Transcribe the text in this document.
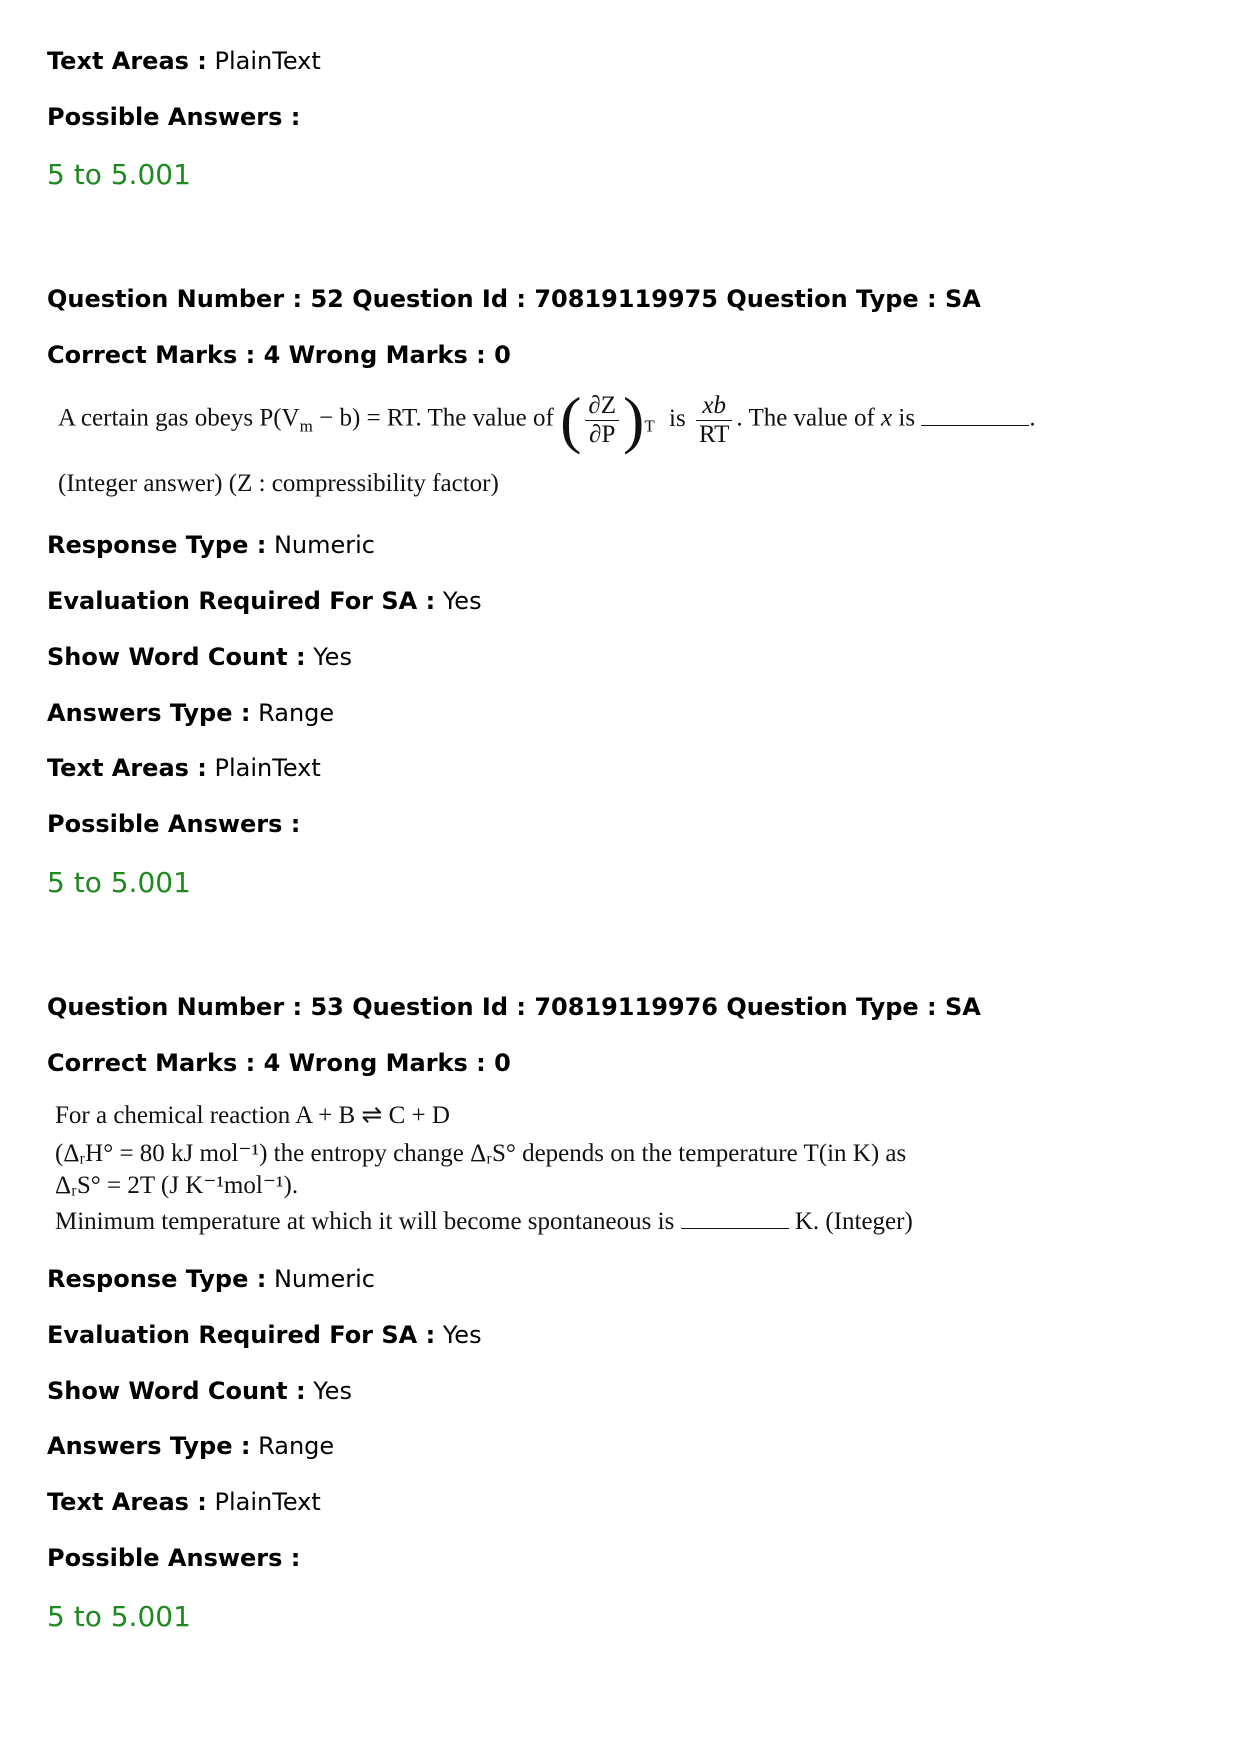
Text Areas : PlainText
Possible Answers :
5 to 5.001
Question Number : 52 Question Id : 70819119975 Question Type : SA
Correct Marks : 4 Wrong Marks : 0
A certain gas obeys $P(V_m - b)$ = RT. The value of ( $\frac{\partial Z}{\partial P} )_T$ is $\frac{xb}{RT}$ . The value of x is	.
(Integer answer) (Z : compressibility factor)
Response Type : Numeric
Evaluation Required For SA : Yes
Show Word Count : Yes
Answers Type : Range
Text Areas : PlainText
Possible Answers :
5 to 5.001
Question Number : 53 Question Id : 70819119976 Question Type : SA
Correct Marks : 4 Wrong Marks : 0
For a chemical reaction A + B ⇌ C + D
(ΔᵣH° = 80 kJ mol⁻¹) the entropy change ΔᵣS° depends on the temperature T(in K) as
ΔᵣS° = 2T (J K⁻¹mol⁻¹).
Minimum temperature at which it will become spontaneous is	K. (Integer)
Response Type : Numeric
Evaluation Required For SA : Yes
Show Word Count : Yes
Answers Type : Range
Text Areas : PlainText
Possible Answers :
5 to 5.001
